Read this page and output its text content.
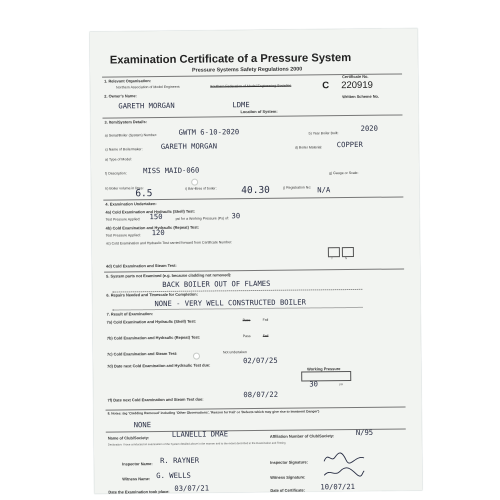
Examination Certificate of a Pressure System
Pressure Systems Safety Regulations 2000
1. Relevant Organisation:
Northern Association of Model Engineers	Southern Federation of Model Engineering Societies
2. Owner's Name:
GARETH MORGAN	LDME
Location of System:
Certificate No.
C 220919
Written Scheme No.
3. Item/System Details:
a) Serial/Boiler (System) Number:	GWTM 6-10-2020	b) Year Boiler Built:
2020
c) Name of Boilermaker:	GARETH MORGAN	d) Boiler Material: COPPER
a) Type of Model:
f) Description: MISS MAID-060	g) Gauge or Scale:
h) Boiler volume in litres:
6.5	i) Bar-litres of boiler:	40.30	j) Registration No: N/A
4. Examination Undertaken:
4a) Cold Examination and Hydraulic (Shell) Test:
Test Pressure Applied: 150	psi for a Working Pressure (Ps) of: 30
4b) Cold Examination and Hydraulic (Repeat) Test:
Test Pressure Applied: 120
4c) Cold Examination and Hydraulic Test carried forward from Certificate Number:
Y	N
4d) Cold Examination and Steam Test:
5. System parts not Examined (e.g. because cladding not removed):
BACK BOILER OUT OF FLAMES
6. Repairs Needed and Timescale for Completion:
NONE - VERY WELL CONSTRUCTED BOILER
7. Result of Examination:
7a) Cold Examination and Hydraulic (Shell) Test:	Pass	Fail
7b) Cold Examination and Hydraulic (Repeat) Test:	Pass	Fail
7c) Cold Examination and Steam Test:	Not undertaken
7d) Date next Cold Examination and Hydraulic Test due:
02/07/25
Working Pressure
30	psi
7f) Date next Cold Examination and Steam Test due:
08/07/22
8. Notes: (eg 'Cladding Removed' including 'Other Observations', 'Reason for Fail' or 'Defects which may give rise to imminent Danger')
NONE
Name of Club/Society:	LLANELLI DMAE	Affiliation Number of Club/Society:	N/95
Declaration: I have conducted an examination of the System detailed above in the manner and to the extent described in the Examination and Testing
Inspector Name: R. RAYNER	Inspector Signature:
Witness Name: G. WELLS	Witness Signature:
Date the Examination took place: 03/07/21	Date of Certificate: 10/07/21
